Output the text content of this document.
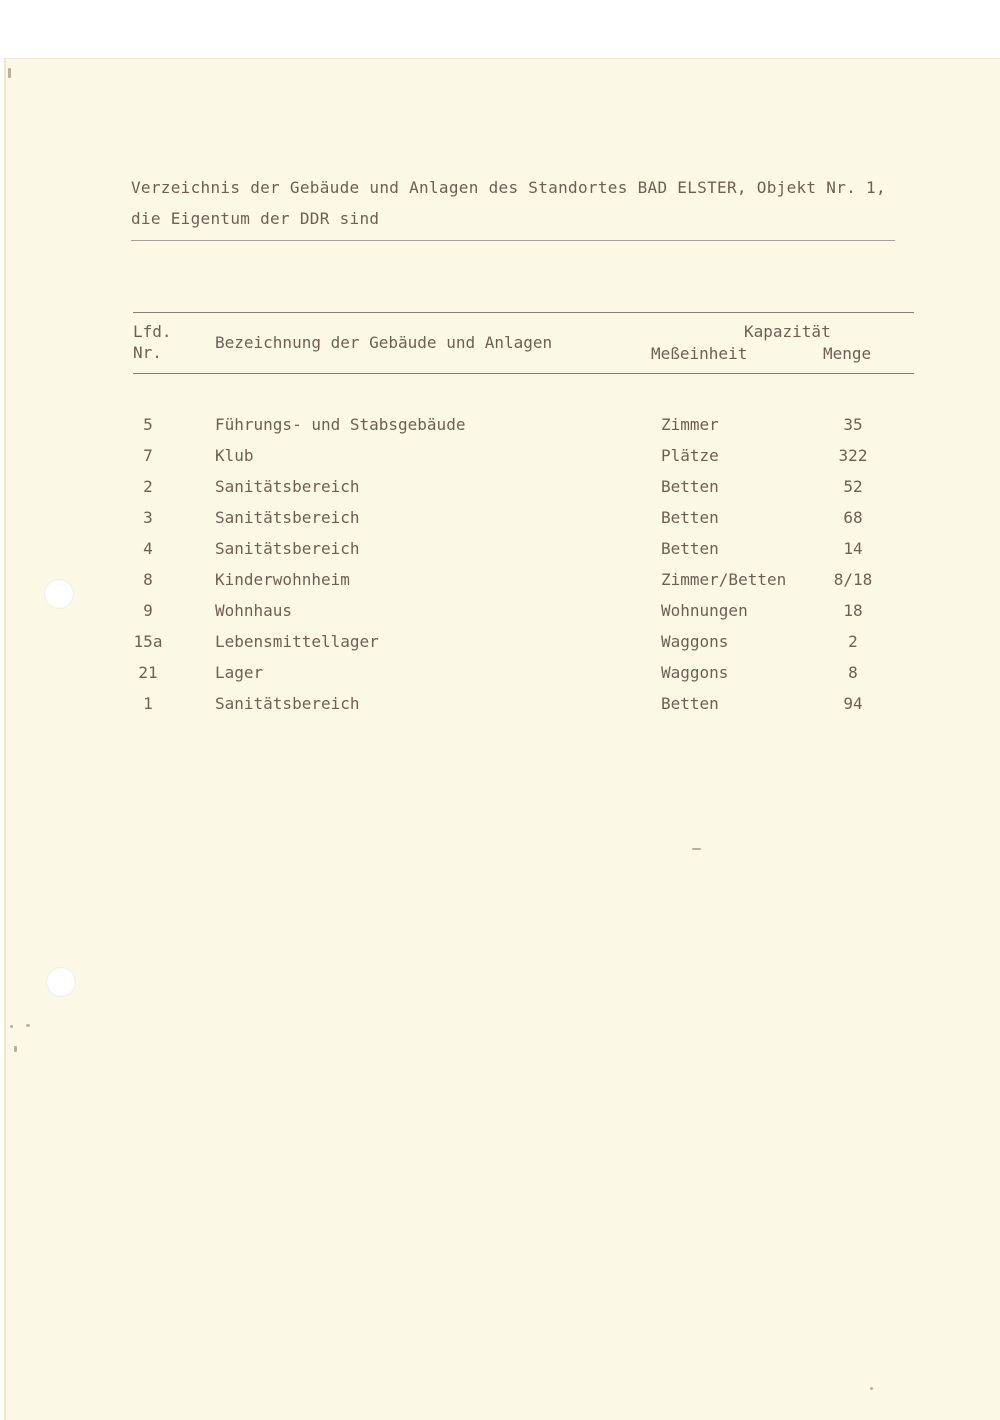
Verzeichnis der Gebäude und Anlagen des Standortes BAD ELSTER, Objekt Nr. 1,
die Eigentum der DDR sind
Lfd.
Nr.
Bezeichnung der Gebäude und Anlagen
Kapazität
Meßeinheit	Menge
5	Führungs- und Stabsgebäude	Zimmer	35
7	Klub	Plätze	322
2	Sanitätsbereich	Betten	52
3	Sanitätsbereich	Betten	68
4	Sanitätsbereich	Betten	14
8	Kinderwohnheim	Zimmer/Betten	8/18
9	Wohnhaus	Wohnungen	18
15a	Lebensmittellager	Waggons	2
21	Lager	Waggons	8
1	Sanitätsbereich	Betten	94
